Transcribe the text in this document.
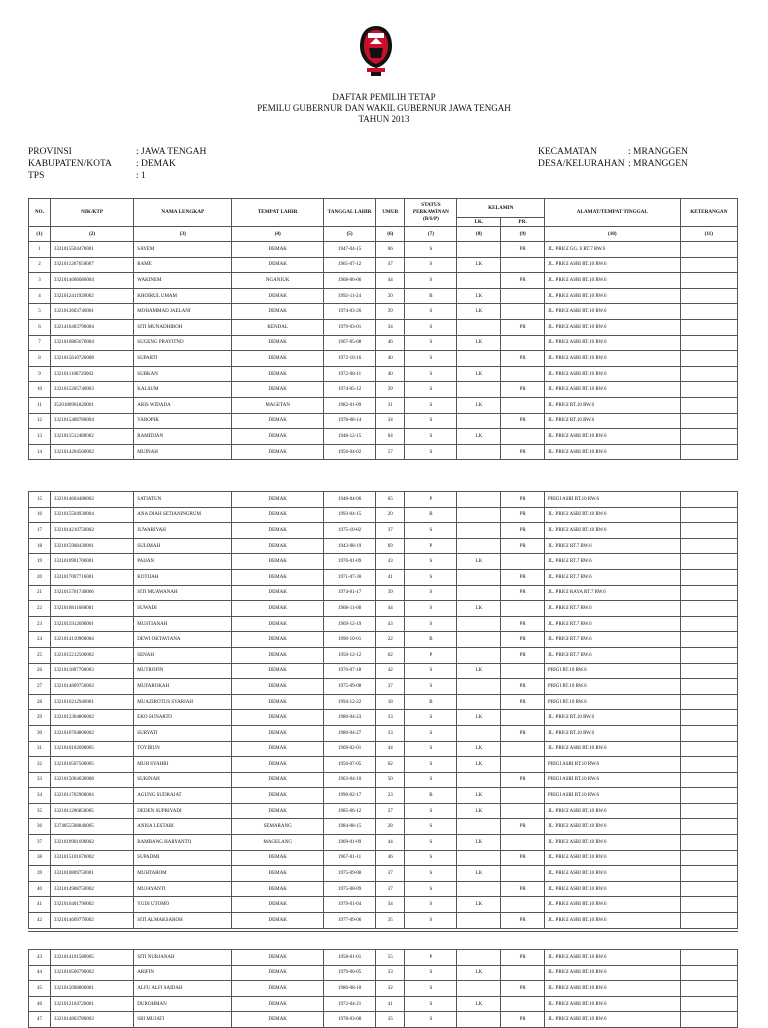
DAFTAR PEMILIH TETAP
PEMILU GUBERNUR DAN WAKIL GUBERNUR JAWA TENGAH
TAHUN 2013
PROVINSI	: JAWA TENGAH
KABUPATEN/KOTA	: DEMAK
TPS	: 1
KECAMATAN	: MRANGGEN
DESA/KELURAHAN : MRANGGEN
NO.	NIK/KTP	NAMA LENGKAP	TEMPAT LAHIR	TANGGAL LAHIR	UMUR	STATUS PERKAWINAN (B/S/P)	KELAMIN		ALAMAT/TEMPAT TINGGAL	KETERANGAN
							LK.	PR.		
(1)	(2)	(3)	(4)	(5)	(6)	(7)	(8)	(9)	(10)	(11)
1	3321015504470001	SAYEM	DEMAK	1947-04-15	66	S		PR	JL. PRIGI GG. 6 RT.7 RW.6	
2	3321011207650007	RAME	DEMAK	1965-07-12	47	S	LK		JL. PRIGI ASRI RT.10 RW.6	
3	3321014606680004	WAKINEM	NGANJUK	1968-06-06	44	S		PR	JL. PRIGI ASRI RT.10 RW.6	
4	3321012411920002	KHOIRUL UMAM	DEMAK	1992-11-24	20	B	LK		JL. PRIGI ASRI RT.10 RW.6	
5	3321012603740001	MOHAMMAD JAELANI	DEMAK	1974-03-26	39	S	LK		JL. PRIGI ASRI RT.10 RW.6	
6	3321416403790004	SITI MUNADHIROH	KENDAL	1979-03-01	34	S		PR	JL. PRIGI ASRI RT.10 RW.6	
7	3321010805670004	SUGENG PRAYITNO	DEMAK	1967-05-08	46	S	LK		JL. PRIGI ASRI RT.10 RW.6	
8	3321015610720008	SUPARTI	DEMAK	1972-10-16	40	S		PR	JL. PRIGI ASRI RT.10 RW.6	
9	3321011108720002	SUBKAN	DEMAK	1972-08-11	40	S	LK		JL. PRIGI ASRI RT.10 RW.6	
10	3321015205740003	KALSUM	DEMAK	1974-05-12	39	S		PR	JL. PRIGI ASRI RT.10 RW.6	
11	3520180901820001	ARIS WIDADA	MAGETAN	1982-01-09	31	S	LK		JL. PRIGI RT.10 RW.6	
12	3321015408780004	YAROPIK	DEMAK	1978-08-14	34	S		PR	JL. PRIGI RT.10 RW.6	
13	3321011512480002	RAMIDJAN	DEMAK	1948-12-15	64	S	LK		JL. PRIGI ASRI RT.10 RW.6	
14	3321014204560002	MUINAH	DEMAK	1956-04-02	57	S		PR	JL. PRIGI ASRI RT.10 RW.6	
15	3321014604480002	SATIATUN	DEMAK	1948-04-06	65	P		PR	PRIGI ASRI RT.10 RW.6	
16	3321015504930004	ANA DIAH SETIANINGRUM	DEMAK	1993-04-15	20	B		PR	JL. PRIGI ASRI RT.10 RW.6	
17	3321014210750002	JUWARIYAH	DEMAK	1975-10-02	37	S		PR	JL. PRIGI ASRI RT.10 RW.6	
18	3321015908430001	SULIMAH	DEMAK	1943-08-19	69	P		PR	JL. PRIGI RT.7 RW.6	
19	3321010901700001	PAIJAN	DEMAK	1970-01-09	43	S	LK		JL. PRIGI RT.7 RW.6	
20	3321017007710001	KOTIJAH	DEMAK	1971-07-30	41	S		PR	JL. PRIGI RT.7 RW.6	
21	3321015701740006	SITI MUAWANAH	DEMAK	1974-01-17	39	S		PR	JL. PRIGI RAYA RT.7 RW.6	
22	3321010811680001	SUWADI	DEMAK	1968-11-08	44	S	LK		JL. PRIGI RT.7 RW.6	
23	3321015912690001	MUSTIANAH	DEMAK	1969-12-19	43	S		PR	JL. PRIGI RT.7 RW.6	
24	3321014110900004	DEWI OKTAVIANA	DEMAK	1990-10-01	22	B		PR	JL. PRIGI RT.7 RW.6	
25	3321015212500002	SENAH	DEMAK	1950-12-12	62	P		PR	JL. PRIGI RT.7 RW.6	
26	3321011807700003	MUTROFIN	DEMAK	1970-07-18	42	S	LK		PRIGI RT.10 RW.6	
27	3321014809750002	MUFAROKAH	DEMAK	1975-09-08	37	S		PR	PRIGI RT.10 RW.6	
28	3321016212940001	MUAZIROTUS SYARIAH	DEMAK	1994-12-22	18	B		PR	PRIGI RT.10 RW.6	
29	3321012304800002	EKO SUNARTO	DEMAK	1980-04-23	33	S	LK		JL. PRIGI RT.10 RW.6	
30	3321016704800002	SURYATI	DEMAK	1980-04-27	33	S		PR	JL. PRIGI RT.10 RW.6	
31	3321010102690005	TOYIBUN	DEMAK	1969-02-01	44	S	LK		JL. PRIGI ASRI RT.10 RW.6	
32	3321010507500005	MUH SYAHRI	DEMAK	1950-07-05	62	S	LK		PRIGI ASRI RT.10 RW.6	
33	3321015004630008	SUKINAH	DEMAK	1963-04-10	50	S		PR	PRIGI ASRI RT.10 RW.6	
34	3321011702900004	AGUNG SUDRAJAT	DEMAK	1990-02-17	23	B	LK		PRIGI ASRI RT.10 RW.6	
35	3321011206850005	DEDEN SUPRIYADI	DEMAK	1985-06-12	27	S	LK		JL. PRIGI ASRI RT.10 RW.6	
36	3374055508840005	ANISA LESTARI	SEMARANG	1984-08-15	28	S		PR	JL. PRIGI ASRI RT.10 RW.6	
37	3321010901690002	BAMBANG HARYANTO	MAGELANG	1969-01-09	44	S	LK		JL. PRIGI ASRI RT.10 RW.6	
38	3321015101670002	SUPADMI	DEMAK	1967-01-11	46	S		PR	JL. PRIGI ASRI RT.10 RW.6	
39	3321010809750001	MUHTAROM	DEMAK	1975-09-08	37	S	LK		JL. PRIGI ASRI RT.10 RW.6	
40	3321014908750002	MUJAYANTI	DEMAK	1975-08-09	37	S		PR	JL. PRIGI ASRI RT.10 RW.6	
41	3321010401790002	YUDI UTOMO	DEMAK	1979-01-04	34	S	LK		JL. PRIGI ASRI RT.10 RW.6	
42	3321014609770002	SITI ALMAKSAROH	DEMAK	1977-09-06	35	S		PR	JL. PRIGI ASRI RT.10 RW.6	
43	3321014101580005	SITI NURJANAH	DEMAK	1958-01-01	55	P		PR	JL. PRIGI ASRI RT.10 RW.6	
44	3321010506790002	ARIFIN	DEMAK	1979-06-05	33	S	LK		JL. PRIGI ASRI RT.10 RW.6	
45	3321015008800001	ALFU ALFI SAIDAH	DEMAK	1980-08-10	32	S		PR	JL. PRIGI ASRI RT.10 RW.6	
46	3321012104720001	DUROHMAN	DEMAK	1972-04-21	41	S	LK		JL. PRIGI ASRI RT.10 RW.6	
47	3321014803780003	SRI MUJATI	DEMAK	1978-03-08	35	S		PR	JL. PRIGI ASRI RT.10 RW.6	
